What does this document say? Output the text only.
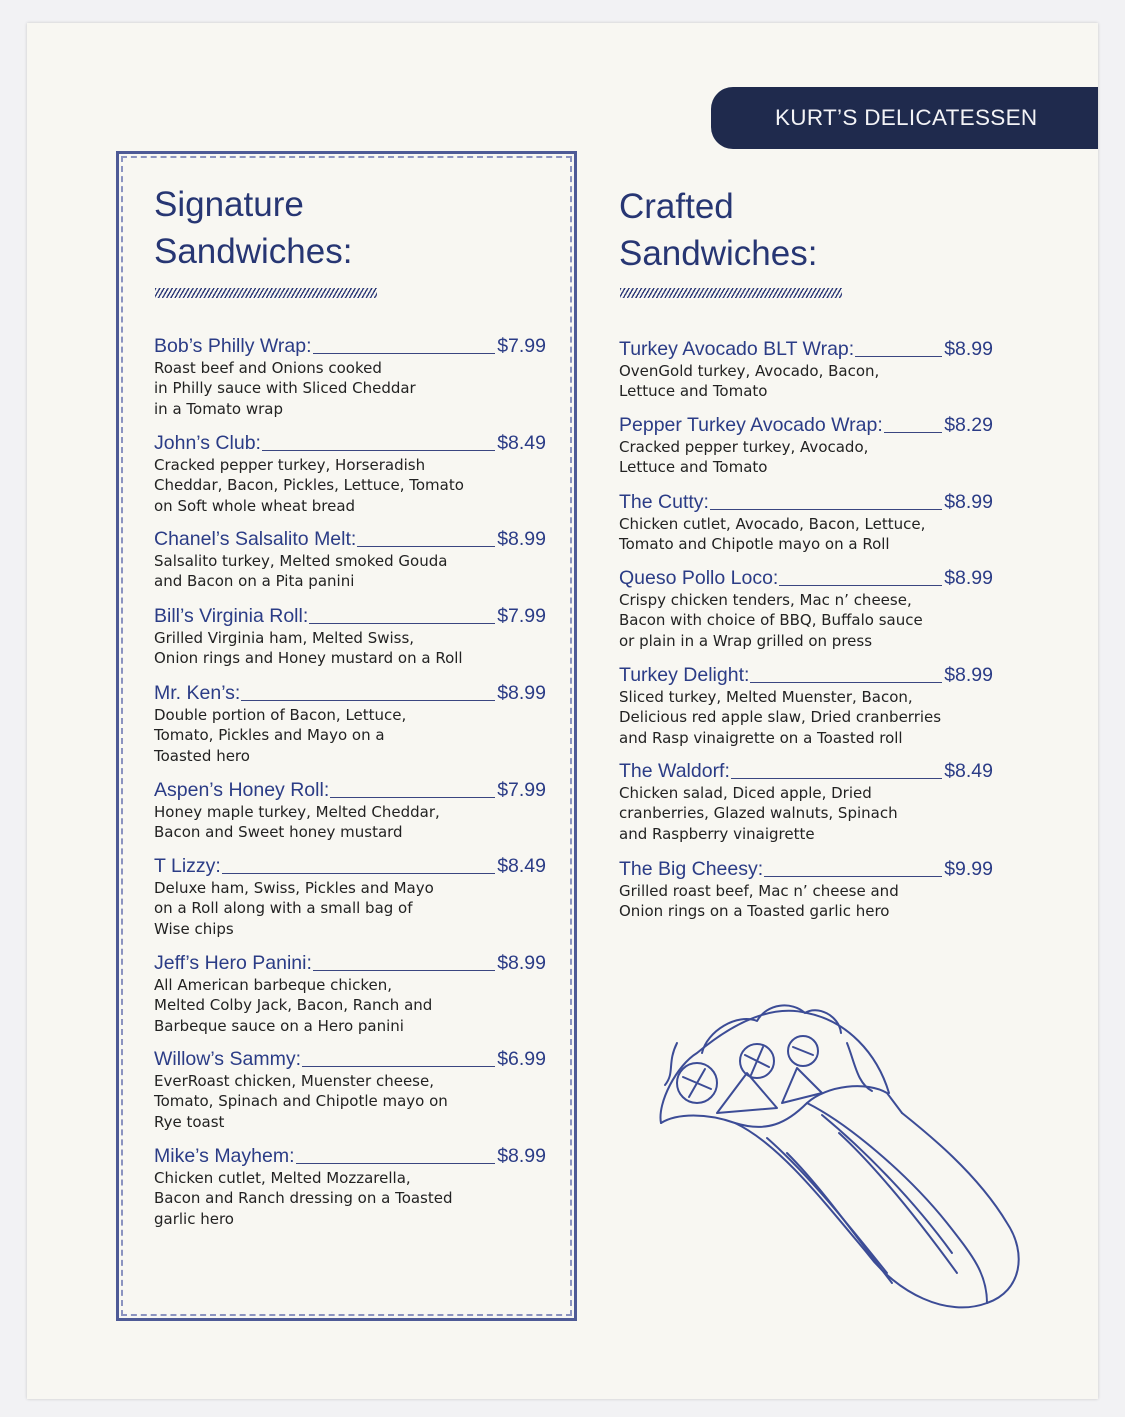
KURT’S DELICATESSEN
Signature
Sandwiches:
Crafted
Sandwiches:
Bob’s Philly Wrap:	$7.99
Roast beef and Onions cooked
in Philly sauce with Sliced Cheddar
in a Tomato wrap
John’s Club:	$8.49
Cracked pepper turkey, Horseradish
Cheddar, Bacon, Pickles, Lettuce, Tomato
on Soft whole wheat bread
Chanel’s Salsalito Melt:	$8.99
Salsalito turkey, Melted smoked Gouda
and Bacon on a Pita panini
Bill’s Virginia Roll:	$7.99
Grilled Virginia ham, Melted Swiss,
Onion rings and Honey mustard on a Roll
Mr. Ken’s:	$8.99
Double portion of Bacon, Lettuce,
Tomato, Pickles and Mayo on a
Toasted hero
Aspen’s Honey Roll:	$7.99
Honey maple turkey, Melted Cheddar,
Bacon and Sweet honey mustard
T Lizzy:	$8.49
Deluxe ham, Swiss, Pickles and Mayo
on a Roll along with a small bag of
Wise chips
Jeff’s Hero Panini:	$8.99
All American barbeque chicken,
Melted Colby Jack, Bacon, Ranch and
Barbeque sauce on a Hero panini
Willow’s Sammy:	$6.99
EverRoast chicken, Muenster cheese,
Tomato, Spinach and Chipotle mayo on
Rye toast
Mike’s Mayhem:	$8.99
Chicken cutlet, Melted Mozzarella,
Bacon and Ranch dressing on a Toasted
garlic hero
Turkey Avocado BLT Wrap:	$8.99
OvenGold turkey, Avocado, Bacon,
Lettuce and Tomato
Pepper Turkey Avocado Wrap:	$8.29
Cracked pepper turkey, Avocado,
Lettuce and Tomato
The Cutty:	$8.99
Chicken cutlet, Avocado, Bacon, Lettuce,
Tomato and Chipotle mayo on a Roll
Queso Pollo Loco:	$8.99
Crispy chicken tenders, Mac n’ cheese,
Bacon with choice of BBQ, Buffalo sauce
or plain in a Wrap grilled on press
Turkey Delight:	$8.99
Sliced turkey, Melted Muenster, Bacon,
Delicious red apple slaw, Dried cranberries
and Rasp vinaigrette on a Toasted roll
The Waldorf:	$8.49
Chicken salad, Diced apple, Dried
cranberries, Glazed walnuts, Spinach
and Raspberry vinaigrette
The Big Cheesy:	$9.99
Grilled roast beef, Mac n’ cheese and
Onion rings on a Toasted garlic hero
